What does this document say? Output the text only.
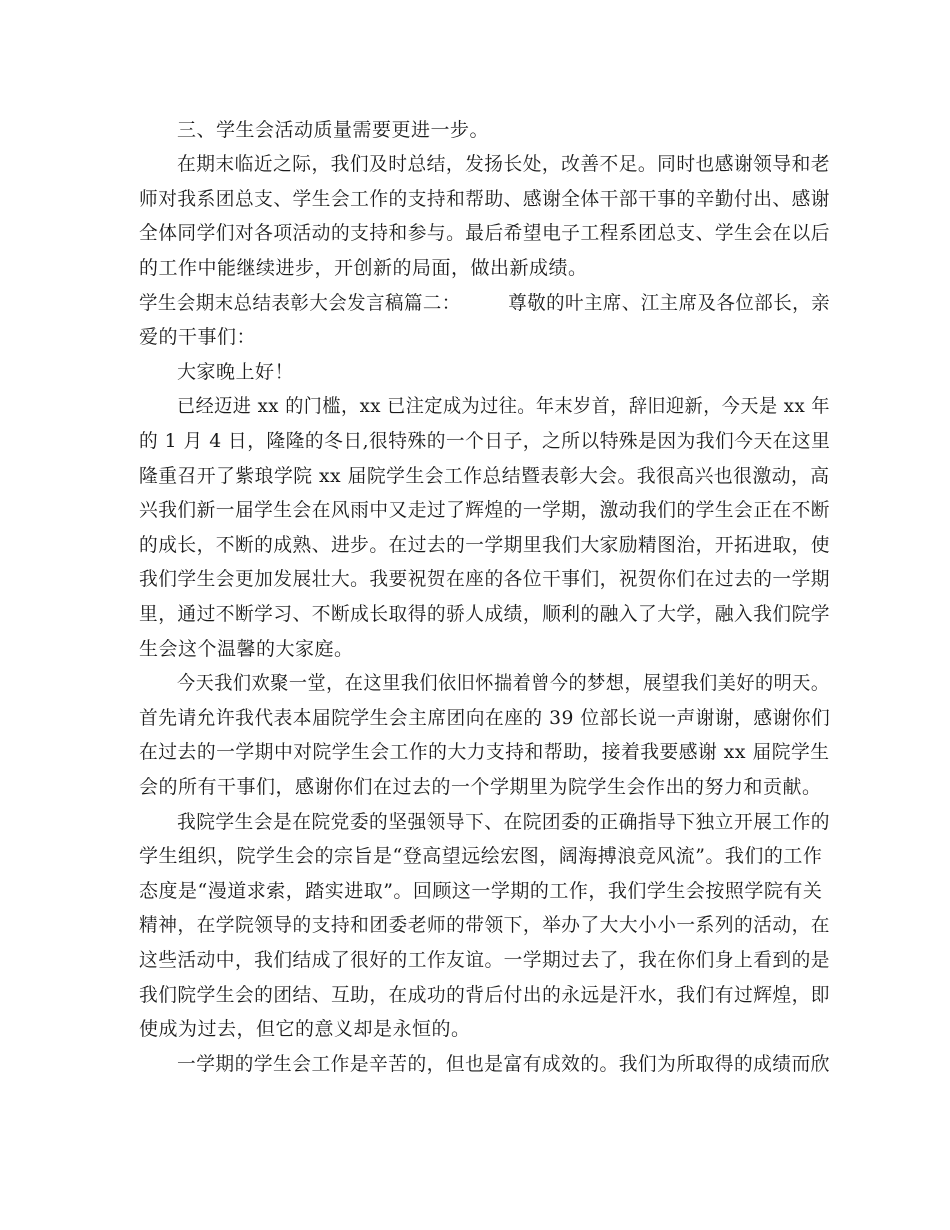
三、学生会活动质量需要更进一步。
在期末临近之际，我们及时总结，发扬长处，改善不足。同时也感谢领导和老
师对我系团总支、学生会工作的支持和帮助、感谢全体干部干事的辛勤付出、感谢
全体同学们对各项活动的支持和参与。最后希望电子工程系团总支、学生会在以后
的工作中能继续进步，开创新的局面，做出新成绩。
学生会期末总结表彰大会发言稿篇二：　　　尊敬的叶主席、江主席及各位部长，亲
爱的干事们：
大家晚上好！
已经迈进 xx 的门槛，xx 已注定成为过往。年末岁首，辞旧迎新，今天是 xx 年
的 1 月 4 日，隆隆的冬日,很特殊的一个日子，之所以特殊是因为我们今天在这里
隆重召开了紫琅学院 xx 届院学生会工作总结暨表彰大会。我很高兴也很激动，高
兴我们新一届学生会在风雨中又走过了辉煌的一学期，激动我们的学生会正在不断
的成长，不断的成熟、进步。在过去的一学期里我们大家励精图治，开拓进取，使
我们学生会更加发展壮大。我要祝贺在座的各位干事们，祝贺你们在过去的一学期
里，通过不断学习、不断成长取得的骄人成绩，顺利的融入了大学，融入我们院学
生会这个温馨的大家庭。
今天我们欢聚一堂，在这里我们依旧怀揣着曾今的梦想，展望我们美好的明天。
首先请允许我代表本届院学生会主席团向在座的 39 位部长说一声谢谢，感谢你们
在过去的一学期中对院学生会工作的大力支持和帮助，接着我要感谢 xx 届院学生
会的所有干事们，感谢你们在过去的一个学期里为院学生会作出的努力和贡献。
我院学生会是在院党委的坚强领导下、在院团委的正确指导下独立开展工作的
学生组织，院学生会的宗旨是“登高望远绘宏图，阔海搏浪竞风流”。我们的工作
态度是“漫道求索，踏实进取”。回顾这一学期的工作，我们学生会按照学院有关
精神，在学院领导的支持和团委老师的带领下，举办了大大小小一系列的活动，在
这些活动中，我们结成了很好的工作友谊。一学期过去了，我在你们身上看到的是
我们院学生会的团结、互助，在成功的背后付出的永远是汗水，我们有过辉煌，即
使成为过去，但它的意义却是永恒的。
一学期的学生会工作是辛苦的，但也是富有成效的。我们为所取得的成绩而欣
